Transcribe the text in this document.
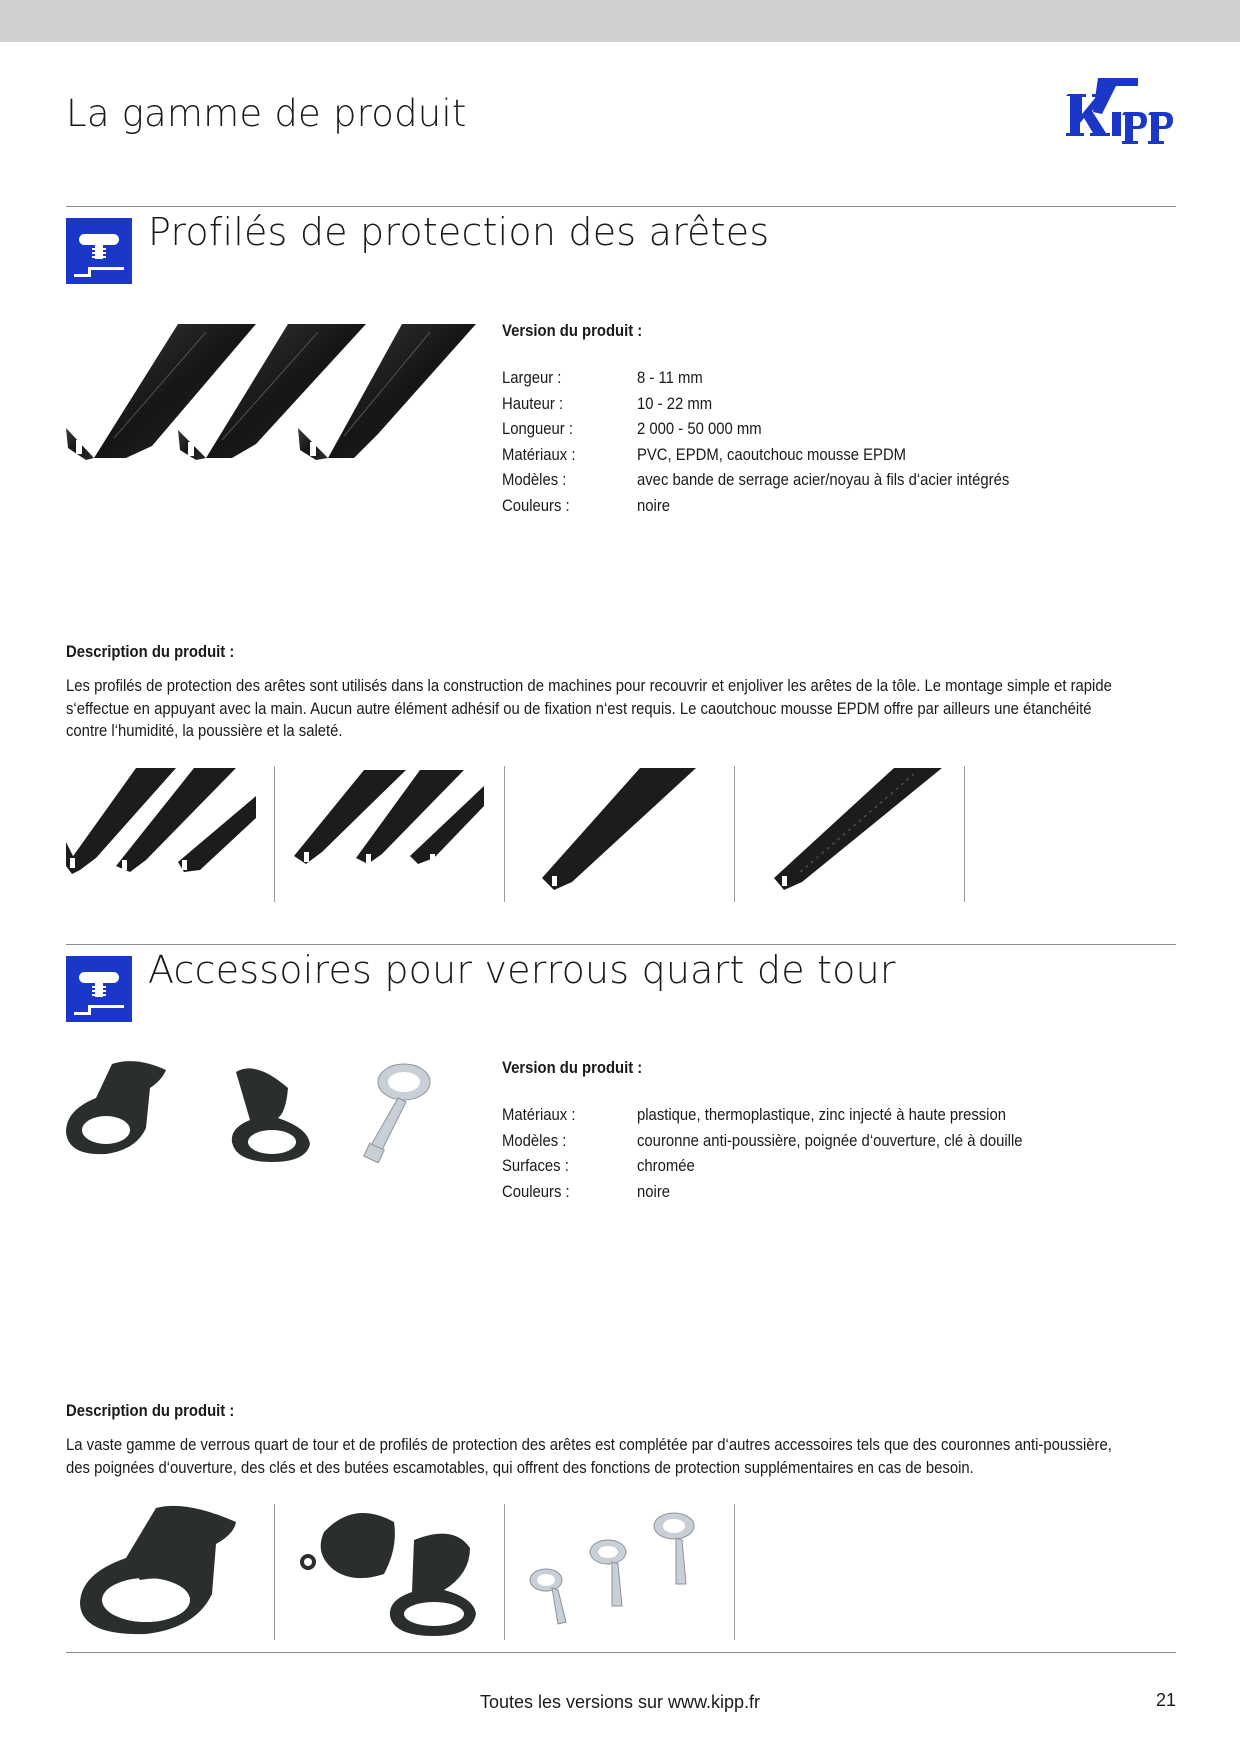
La gamme de produit
Profilés de protection des arêtes
Version du produit :
Largeur :	8 - 11 mm
Hauteur :	10 - 22 mm
Longueur :	2 000 - 50 000 mm
Matériaux :	PVC, EPDM, caoutchouc mousse EPDM
Modèles :	avec bande de serrage acier/noyau à fils d‘acier intégrés
Couleurs :	noire
Description du produit :
Les profilés de protection des arêtes sont utilisés dans la construction de machines pour recouvrir et enjoliver les arêtes de la tôle. Le montage simple et rapide
s‘effectue en appuyant avec la main. Aucun autre élément adhésif ou de fixation n‘est requis. Le caoutchouc mousse EPDM offre par ailleurs une étanchéité
contre l‘humidité, la poussière et la saleté.
Accessoires pour verrous quart de tour
Version du produit :
Matériaux :	plastique, thermoplastique, zinc injecté à haute pression
Modèles :	couronne anti-poussière, poignée d‘ouverture, clé à douille
Surfaces :	chromée
Couleurs :	noire
Description du produit :
La vaste gamme de verrous quart de tour et de profilés de protection des arêtes est complétée par d‘autres accessoires tels que des couronnes anti-poussière,
des poignées d‘ouverture, des clés et des butées escamotables, qui offrent des fonctions de protection supplémentaires en cas de besoin.
Toutes les versions sur www.kipp.fr	21
